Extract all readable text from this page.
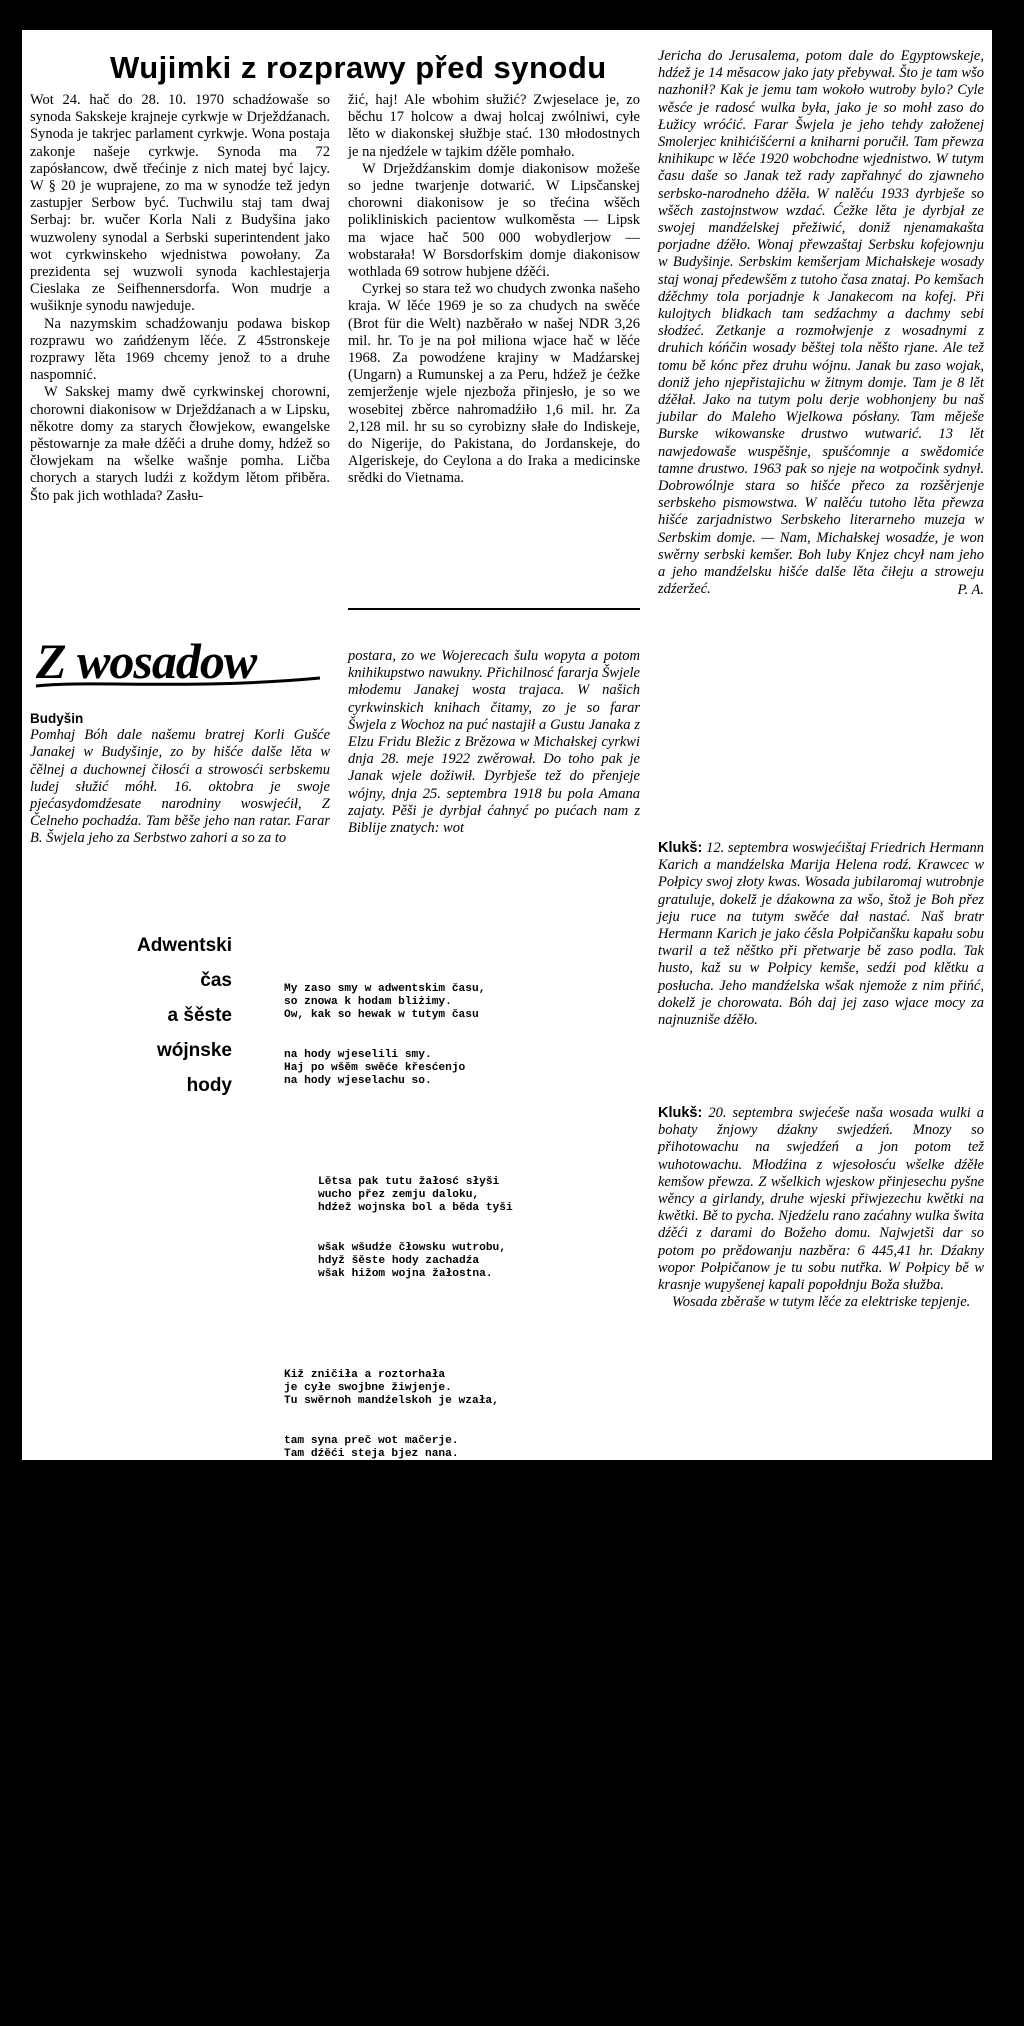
Wujimki z rozprawy před synodu

Wot 24. hač do 28. 10. 1970 schadźowaše so synoda Sakskeje krajneje cyrkwje w Drježdźanach. Synoda je takrjec parlament cyrkwje. Wona postaja zakonje našeje cyrkwje. Synoda ma 72 zapósłancow, dwě třećinje z nich matej być lajcy. W § 20 je wuprajene, zo ma w synodźe tež jedyn zastupjer Serbow być. Tuchwilu staj tam dwaj Serbaj: br. wučer Korla Nali z Budyšina jako wuzwoleny synodal a Serbski superintendent jako wot cyrkwinskeho wjednistwa powołany. Za prezidenta sej wuzwoli synoda kachlestajerja Cieslaka ze Seifhennersdorfa. Won mudrje a wušiknje synodu nawjeduje.

Na nazymskim schadźowanju podawa biskop rozprawu wo zańdźenym lěće. Z 45stronskeje rozprawy lěta 1969 chcemy jenož to a druhe naspomnić.

W Sakskej mamy dwě cyrkwinskej chorowni, chorowni diakonisow w Drježdźanach a w Lipsku, někotre domy za starych čłowjekow, ewangelske pěstowarnje za małe dźěći a druhe domy, hdźež so čłowjekam na wšelke wašnje pomha. Ličba chorych a starych ludźi z koždym lětom přiběra. Što pak jich wothlada? Zasłu-

žić, haj! Ale wbohim słužić? Zwjeselace je, zo běchu 17 holcow a dwaj holcaj zwólniwi, cyłe lěto w diakonskej słužbje stać. 130 młodostnych je na njedźele w tajkim dźěle pomhało.

W Drježdźanskim domje diakonisow možeše so jedne twarjenje dotwarić. W Lipsčanskej chorowni diakonisow je so třećina wšěch polikliniskich pacientow wulkoměsta — Lipsk ma wjace hač 500 000 wobydlerjow — wobstarała! W Borsdorfskim domje diakonisow wothlada 69 sotrow hubjene dźěći.

Cyrkej so stara tež wo chudych zwonka našeho kraja. W lěće 1969 je so za chudych na swěće (Brot für die Welt) nazběrało w našej NDR 3,26 mil. hr. To je na poł miliona wjace hač w lěće 1968. Za powodźene krajiny w Madźarskej (Ungarn) a Rumunskej a za Peru, hdźež je ćežke zemjerženje wjele njezboža přinjesło, je so we wosebitej zběrce nahromadźiło 1,6 mil. hr. Za 2,128 mil. hr su so cyrobizny słałe do Indiskeje, do Nigerije, do Pakistana, do Jordanskeje, do Algeriskeje, do Ceylona a do Iraka a medicinske srědki do Vietnama.

Z wosadow

Budyšin

Pomhaj Bóh dale našemu bratrej Korli Gušće Janakej w Budyšinje, zo by hišće dalše lěta w čělnej a duchownej čiłosći a strowosći serbskemu ludej słužić móhł. 16. oktobra je swoje pjećasydomdźesate narodniny woswjećił, Z Čelneho pochadźa. Tam běše jeho nan ratar. Farar B. Šwjela jeho za Serbstwo zahori a so za to

postara, zo we Wojerecach šulu wopyta a potom knihikupstwo nawukny. Přichilnosć fararja Šwjele młodemu Janakej wosta trajaca. W našich cyrkwinskich knihach čitamy, zo je so farar Šwjela z Wochoz na puć nastajił a Gustu Janaka z Elzu Fridu Bležic z Brězowa w Michałskej cyrkwi dnja 28. meje 1922 zwěrował. Do toho pak je Janak wjele dožiwił. Dyrbješe tež do přenjeje wójny, dnja 25. septembra 1918 bu pola Amana zajaty. Pěši je dyrbjał ćahnyć po pućach nam z Biblije znatych: wot

Jericha do Jerusalema, potom dale do Egyptowskeje, hdźež je 14 měsacow jako jaty přebywał. Što je tam wšo nazhonił? Kak je jemu tam wokoło wutroby bylo? Cyle wěsće je radosć wulka była, jako je so mohł zaso do Łužicy wróćić. Farar Šwjela je jeho tehdy załoženej Smolerjec knihićišćerni a kniharni poručił. Tam přewza knihikupc w lěće 1920 wobchodne wjednistwo. W tutym času daše so Janak tež rady zapřahnyć do zjawneho serbsko-narodneho dźěła. W nalěću 1933 dyrbješe so wšěch zastojnstwow wzdać. Ćežke lěta je dyrbjał ze swojej mandźelskej přežiwić, doniž njenamakašta porjadne dźěło. Wonaj přewzaštaj Serbsku kofejownju w Budyšinje. Serbskim kemšerjam Michałskeje wosady staj wonaj předewšěm z tutoho časa znataj. Po kemšach dźěchmy tola porjadnje k Janakecom na kofej. Při kulojtych blidkach tam sedźachmy a dachmy sebi słodźeć. Zetkanje a rozmołwjenje z wosadnymi z druhich kóńčin wosady běštej tola něšto rjane. Ale tež tomu bě kónc přez druhu wójnu. Janak bu zaso wojak, doniž jeho njepřistajichu w žitnym domje. Tam je 8 lět dźěłał. Jako na tutym polu derje wobhonjeny bu naš jubilar do Maleho Wjelkowa pósłany. Tam měješe Burske wikowanske drustwo wutwarić. 13 lět nawjedowaše wuspěšnje, spušćomnje a swědomiće tamne drustwo. 1963 pak so njeje na wotpočink sydnył. Dobrowólnje stara so hišće přeco za rozšěrjenje serbskeho pismowstwa. W nalěću tutoho lěta přewza hišće zarjadnistwo Serbskeho literarneho muzeja w Serbskim domje. — Nam, Michałskej wosadźe, je won swěrny serbski kemšer. Boh luby Knjez chcył nam jeho a jeho mandźelsku hišće dalše lěta čiłeju a stroweju zdźeržeć.	P. A.

Adwentski
čas
a šěste
wójnske
hody

My zaso smy w adwentskim času,
so znowa k hodam bliżimy.
Ow, kak so hewak w tutym času

na hody wjeselili smy.
Haj po wšěm swěće křesćenjo
na hody wjeselachu so.

Lětsa pak tutu žałosć słyši
wucho přez zemju daloku,
hdźež wojnska bol a běda tyši

wšak wšudźe čłowsku wutrobu,
hdyž šěste hody zachadźa
wšak hižom wojna žałostna.

Kiž zničiła a roztorhała
je cyłe swojbne žiwjenje.
Tu swěrnoh mandźelskoh je wzała,

tam syna preč wot mačerje.
Tam dźěći steja bjez nana.
Haj, njej' to sama zrudoba?

Tuž, hdyž zas na zemju so lěha
znowa moc, swjata hodowna, zběha
njech k njebju z wutrobow so

nam wěry sylna modlitwa,
zo Boh Knjez swojoh jandźela
by znowa pósłał do swěta,

kiž z mocnym hłosom připowědał
by měr po swěće dalokim
a zachadźeć by dlěje njedał

wjac krawnym bronjam mordarskim,
zo zdobom zwony hodowne
tež  m ě r  n a m  bychu zwonile.

Jurij Šewčik z Komorowa pola Rakec,
kotryž so z wojny njeje wróćił.

Klukš: 12. septembra woswjećištaj Friedrich Hermann Karich a mandźelska Marija Helena rodź. Krawcec w Połpicy swoj złoty kwas. Wosada jubilaromaj wutrobnje gratuluje, dokelž je dźakowna za wšo, štož je Boh přez jeju ruce na tutym swěće dał nastać. Naš bratr Hermann Karich je jako ćěsla Połpičanšku kapału sobu twaril a tež něštko při přetwarje bě zaso podla. Tak husto, kaž su w Połpicy kemše, sedźi pod klětku a posłucha. Jeho mandźelska wšak njemože z nim přińć, dokelž je chorowata. Bóh daj jej zaso wjace mocy za najnuzniše dźěło.

Klukš: 20. septembra swjećeše naša wosada wulki a bohaty žnjowy dźakny swjedźeń. Mnozy so přihotowachu na swjedźeń a jon potom tež wuhotowachu. Młodźina z wjesołosću wšelke dźěłe kemšow přewza. Z wšelkich wjeskow přinjesechu pyšne wěncy a girlandy, druhe wjeski přiwjezechu kwětki na kwětki. Bě to pycha. Njedźelu rano zaćahny wulka šwita dźěći z darami do Božeho domu. Najwjetši dar so potom po prědowanju nazběra: 6 445,41 hr. Dźakny wopor Połpičanow je tu sobu nutřka. W Połpicy bě w krasnje wupyšenej kapali popołdnju Boža słužba.

Wosada zběraše w tutym lěće za elektriske tepjenje.
